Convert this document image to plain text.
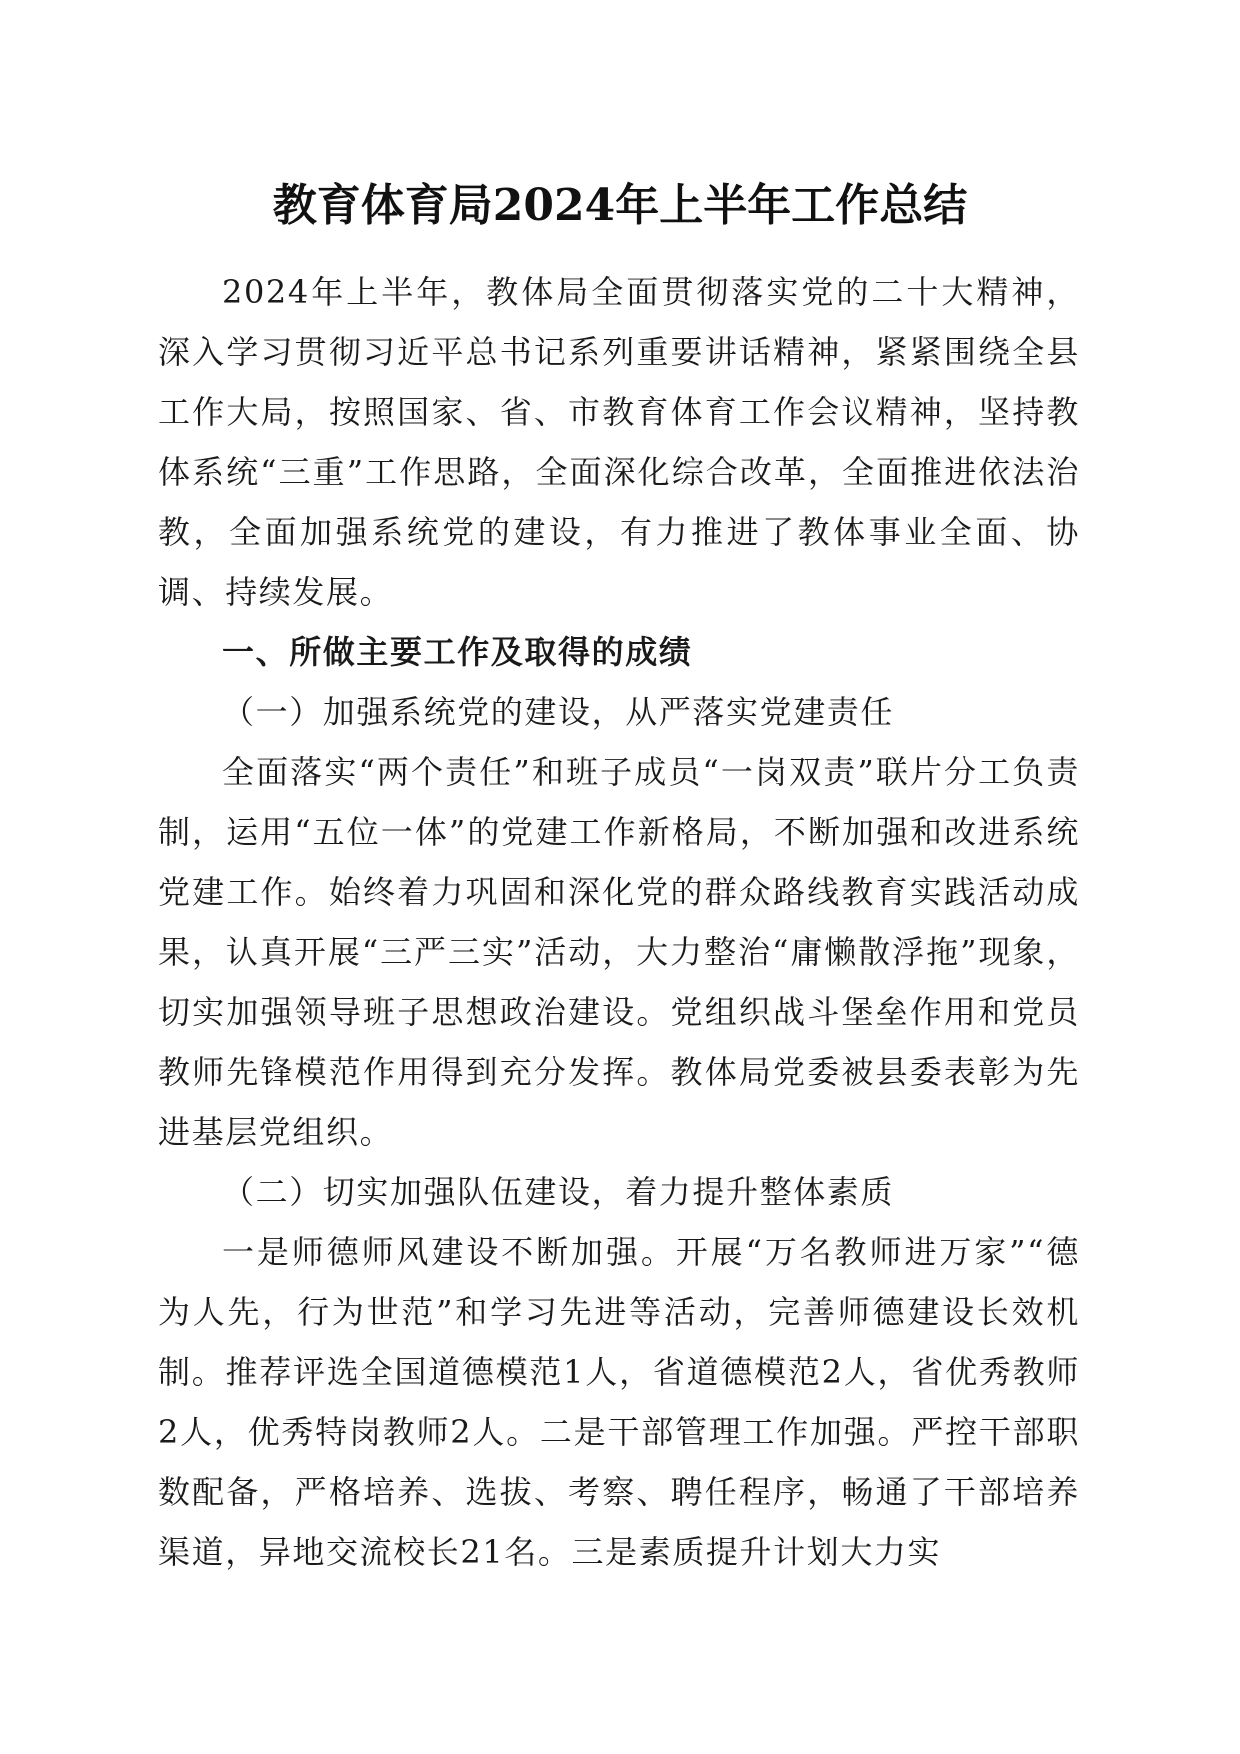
教育体育局2024年上半年工作总结

2024年上半年，教体局全面贯彻落实党的二十大精神，深入学习贯彻习近平总书记系列重要讲话精神，紧紧围绕全县工作大局，按照国家、省、市教育体育工作会议精神，坚持教体系统“三重”工作思路，全面深化综合改革，全面推进依法治教，全面加强系统党的建设，有力推进了教体事业全面、协调、持续发展。

一、所做主要工作及取得的成绩

（一）加强系统党的建设，从严落实党建责任

全面落实“两个责任”和班子成员“一岗双责”联片分工负责制，运用“五位一体”的党建工作新格局，不断加强和改进系统党建工作。始终着力巩固和深化党的群众路线教育实践活动成果，认真开展“三严三实”活动，大力整治“庸懒散浮拖”现象，切实加强领导班子思想政治建设。党组织战斗堡垒作用和党员教师先锋模范作用得到充分发挥。教体局党委被县委表彰为先进基层党组织。

（二）切实加强队伍建设，着力提升整体素质

一是师德师风建设不断加强。开展“万名教师进万家”“德为人先，行为世范”和学习先进等活动，完善师德建设长效机制。推荐评选全国道德模范1人，省道德模范2人，省优秀教师2人，优秀特岗教师2人。二是干部管理工作加强。严控干部职数配备，严格培养、选拔、考察、聘任程序，畅通了干部培养渠道，异地交流校长21名。三是素质提升计划大力实
